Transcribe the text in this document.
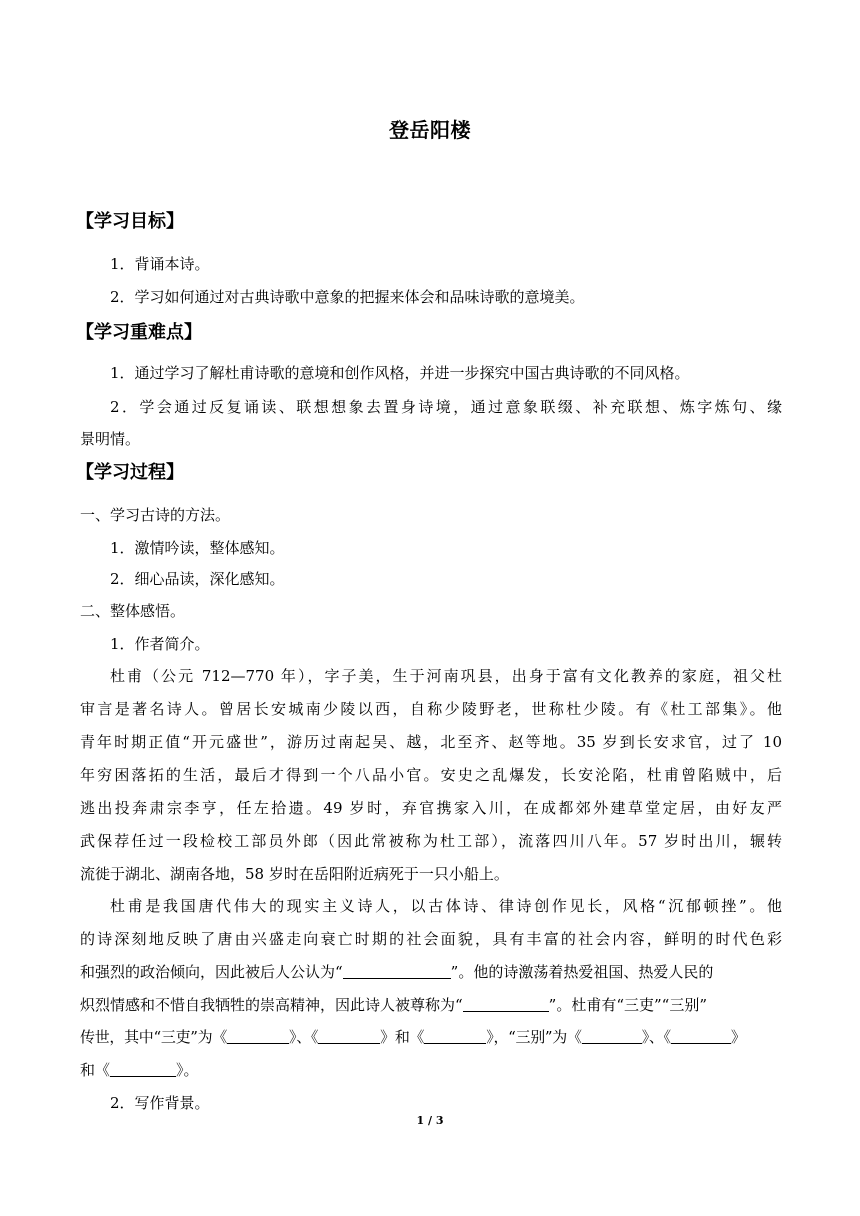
登岳阳楼
【学习目标】
1．背诵本诗。
2．学习如何通过对古典诗歌中意象的把握来体会和品味诗歌的意境美。
【学习重难点】
1．通过学习了解杜甫诗歌的意境和创作风格，并进一步探究中国古典诗歌的不同风格。
2．学会通过反复诵读、联想想象去置身诗境，通过意象联缀、补充联想、炼字炼句、缘
景明情。
【学习过程】
一、学习古诗的方法。
1．激情吟读，整体感知。
2．细心品读，深化感知。
二、整体感悟。
1．作者简介。
杜甫（公元 712—770 年），字子美，生于河南巩县，出身于富有文化教养的家庭，祖父杜
审言是著名诗人。曾居长安城南少陵以西，自称少陵野老，世称杜少陵。有《杜工部集》。他
青年时期正值“开元盛世”，游历过南起吴、越，北至齐、赵等地。35 岁到长安求官，过了 10
年穷困落拓的生活，最后才得到一个八品小官。安史之乱爆发，长安沦陷，杜甫曾陷贼中，后
逃出投奔肃宗李亨，任左拾遗。49 岁时，弃官携家入川，在成都郊外建草堂定居，由好友严
武保荐任过一段检校工部员外郎（因此常被称为杜工部），流落四川八年。57 岁时出川，辗转
流徙于湖北、湖南各地，58 岁时在岳阳附近病死于一只小船上。
杜甫是我国唐代伟大的现实主义诗人，以古体诗、律诗创作见长，风格“沉郁顿挫”。他
的诗深刻地反映了唐由兴盛走向衰亡时期的社会面貌，具有丰富的社会内容，鲜明的时代色彩
和强烈的政治倾向，因此被后人公认为“	”。他的诗激荡着热爱祖国、热爱人民的
炽烈情感和不惜自我牺牲的崇高精神，因此诗人被尊称为“	”。杜甫有“三吏”“三别”
传世，其中“三吏”为《	》、《	》和《	》，“三别”为《	》、《	》
和《	》。
2．写作背景。
1 / 3
